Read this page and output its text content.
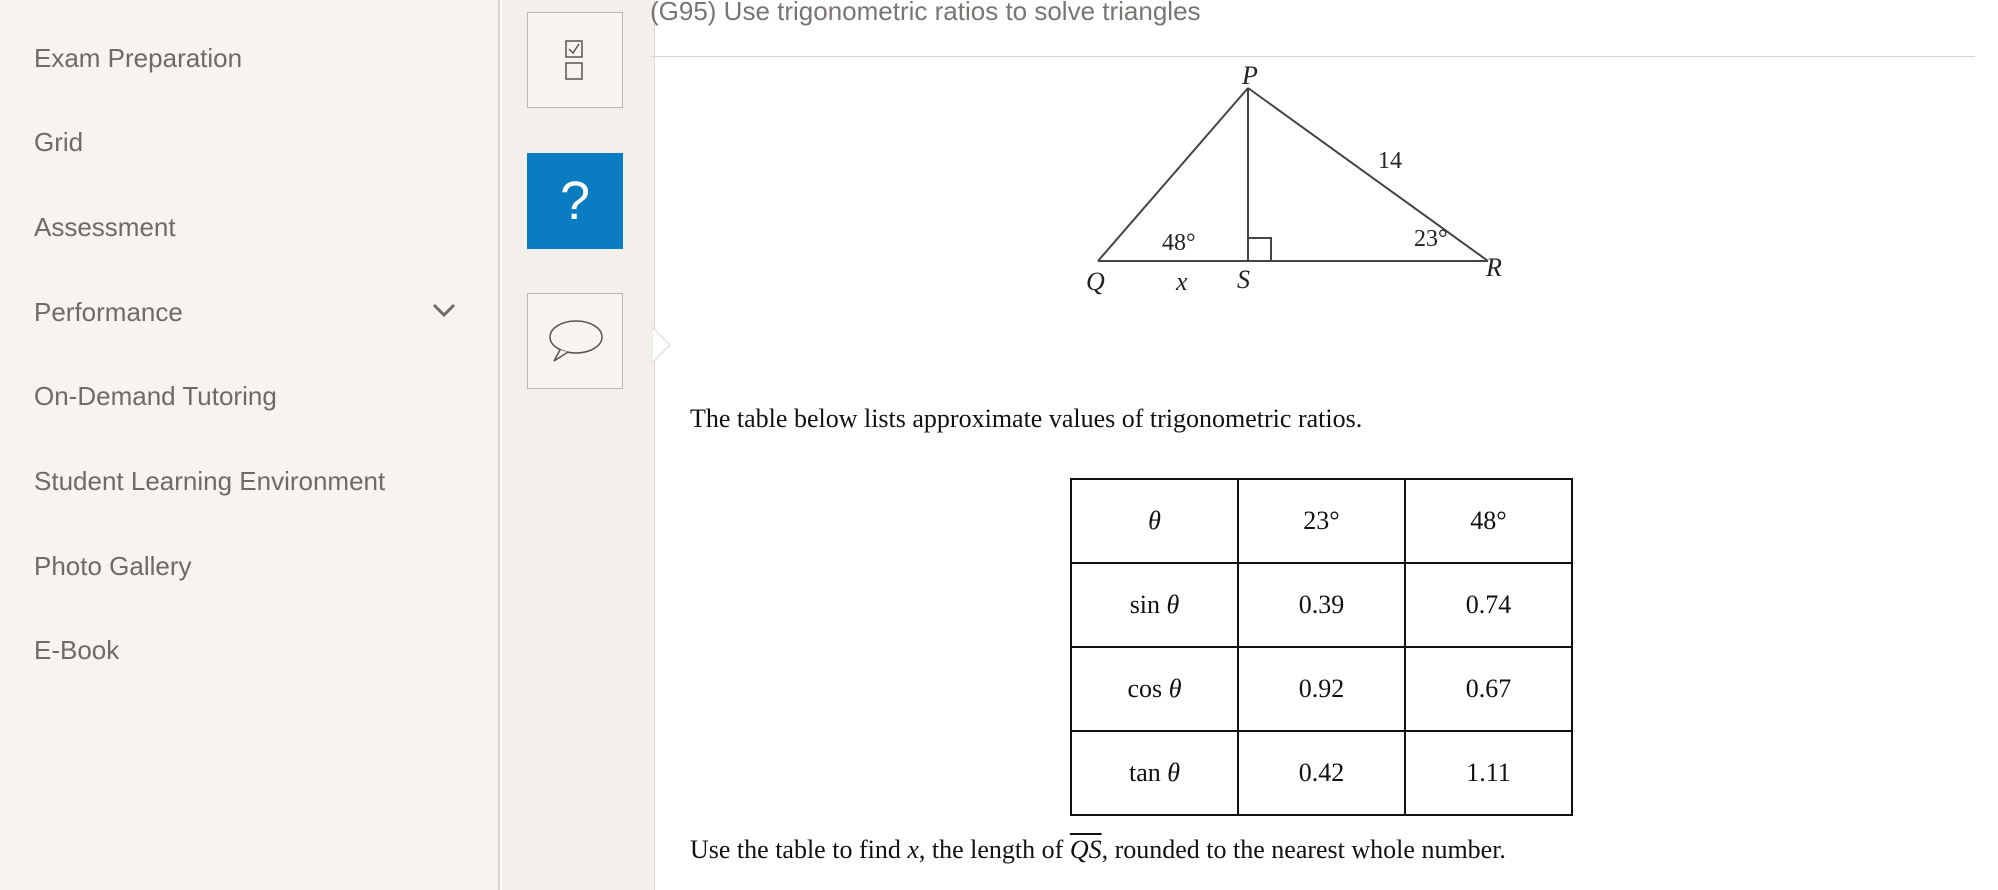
Exam Preparation
Grid
Assessment
Performance
On-Demand Tutoring
Student Learning Environment
Photo Gallery
E-Book
?
(G95) Use trigonometric ratios to solve triangles
P
Q	R
S
14
48°	23°
x
The table below lists approximate values of trigonometric ratios.
θ	23°	48°
sin θ	0.39	0.74
cos θ	0.92	0.67
tan θ	0.42	1.11
Use the table to find x, the length of $\overline{QS}$, rounded to the nearest whole number.
